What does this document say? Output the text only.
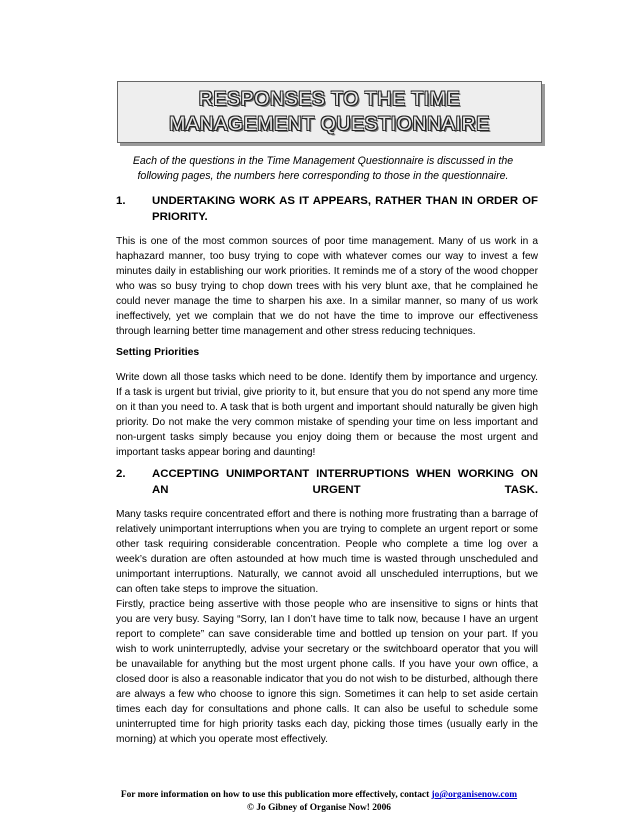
RESPONSES TO THE TIME
MANAGEMENT QUESTIONNAIRE
Each of the questions in the Time Management Questionnaire is discussed in the following pages, the numbers here corresponding to those in the questionnaire.
1. UNDERTAKING WORK AS IT APPEARS, RATHER THAN IN ORDER OF PRIORITY.
This is one of the most common sources of poor time management. Many of us work in a haphazard manner, too busy trying to cope with whatever comes our way to invest a few minutes daily in establishing our work priorities. It reminds me of a story of the wood chopper who was so busy trying to chop down trees with his very blunt axe, that he complained he could never manage the time to sharpen his axe. In a similar manner, so many of us work ineffectively, yet we complain that we do not have the time to improve our effectiveness through learning better time management and other stress reducing techniques.
Setting Priorities
Write down all those tasks which need to be done. Identify them by importance and urgency. If a task is urgent but trivial, give priority to it, but ensure that you do not spend any more time on it than you need to. A task that is both urgent and important should naturally be given high priority. Do not make the very common mistake of spending your time on less important and non-urgent tasks simply because you enjoy doing them or because the most urgent and important tasks appear boring and daunting!
2. ACCEPTING UNIMPORTANT INTERRUPTIONS WHEN WORKING ON AN URGENT TASK.
Many tasks require concentrated effort and there is nothing more frustrating than a barrage of relatively unimportant interruptions when you are trying to complete an urgent report or some other task requiring considerable concentration. People who complete a time log over a week’s duration are often astounded at how much time is wasted through unscheduled and unimportant interruptions. Naturally, we cannot avoid all unscheduled interruptions, but we can often take steps to improve the situation.
Firstly, practice being assertive with those people who are insensitive to signs or hints that you are very busy. Saying “Sorry, Ian I don’t have time to talk now, because I have an urgent report to complete” can save considerable time and bottled up tension on your part. If you wish to work uninterruptedly, advise your secretary or the switchboard operator that you will be unavailable for anything but the most urgent phone calls. If you have your own office, a closed door is also a reasonable indicator that you do not wish to be disturbed, although there are always a few who choose to ignore this sign. Sometimes it can help to set aside certain times each day for consultations and phone calls. It can also be useful to schedule some uninterrupted time for high priority tasks each day, picking those times (usually early in the morning) at which you operate most effectively.
For more information on how to use this publication more effectively, contact jo@organisenow.com
© Jo Gibney of Organise Now! 2006
